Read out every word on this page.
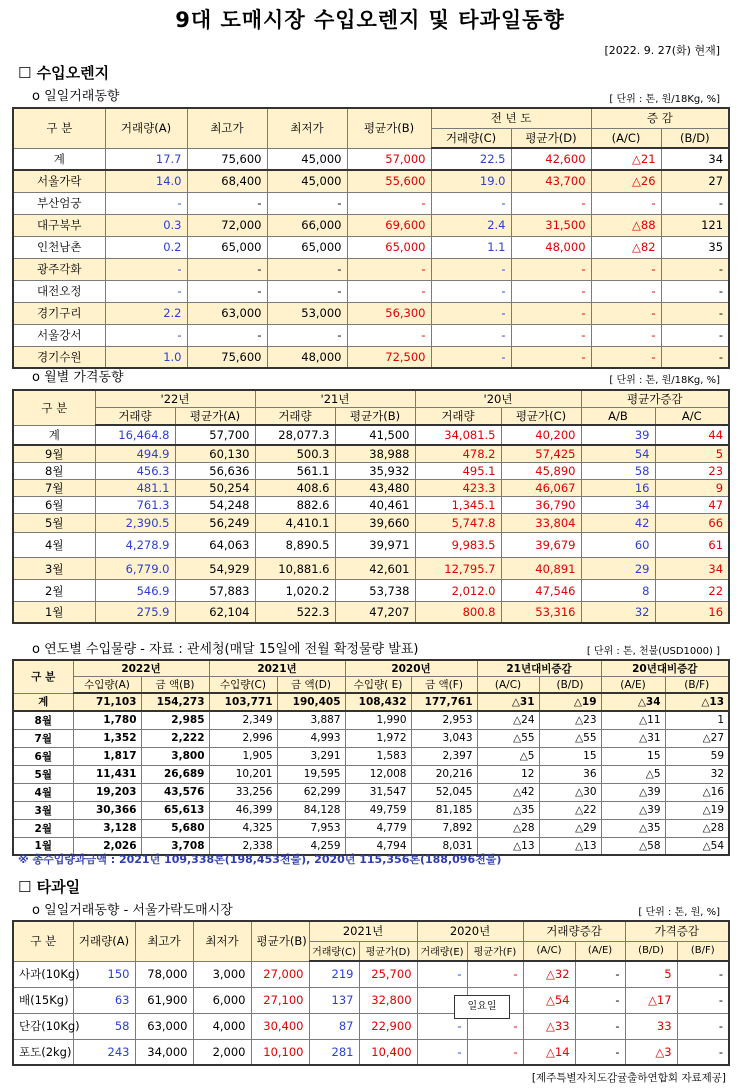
9대 도매시장 수입오렌지 및 타과일동향
[2022. 9. 27(화) 현재]
☐ 수입오렌지
o 일일거래동향	[ 단위 : 톤, 원/18Kg, %]
구 분	거래량(A)	최고가	최저가	평균가(B)	전 년 도		증 감	
					거래량(C)	평균가(D)	(A/C)	(B/D)
계	17.7	75,600	45,000	57,000	22.5	42,600	△21	34
서울가락	14.0	68,400	45,000	55,600	19.0	43,700	△26	27
부산엄궁	-	-	-	-	-	-	-	-
대구북부	0.3	72,000	66,000	69,600	2.4	31,500	△88	121
인천남촌	0.2	65,000	65,000	65,000	1.1	48,000	△82	35
광주각화	-	-	-	-	-	-	-	-
대전오정	-	-	-	-	-	-	-	-
경기구리	2.2	63,000	53,000	56,300	-	-	-	-
서울강서	-	-	-	-	-	-	-	-
경기수원	1.0	75,600	48,000	72,500	-	-	-	-
o 월별 가격동향	[ 단위 : 톤, 원/18Kg, %]
구 분	'22년		'21년		'20년		평균가증감	
	거래량	평균가(A)	거래량	평균가(B)	거래량	평균가(C)	A/B	A/C
계	16,464.8	57,700	28,077.3	41,500	34,081.5	40,200	39	44
9월	494.9	60,130	500.3	38,988	478.2	57,425	54	5
8월	456.3	56,636	561.1	35,932	495.1	45,890	58	23
7월	481.1	50,254	408.6	43,480	423.3	46,067	16	9
6월	761.3	54,248	882.6	40,461	1,345.1	36,790	34	47
5월	2,390.5	56,249	4,410.1	39,660	5,747.8	33,804	42	66
4월	4,278.9	64,063	8,890.5	39,971	9,983.5	39,679	60	61
3월	6,779.0	54,929	10,881.6	42,601	12,795.7	40,891	29	34
2월	546.9	57,883	1,020.2	53,738	2,012.0	47,546	8	22
1월	275.9	62,104	522.3	47,207	800.8	53,316	32	16
o 연도별 수입물량 - 자료 : 관세청(매달 15일에 전월 확정물량 발표)	[ 단위 : 톤, 천불(USD1000) ]
구 분	2022년		2021년		2020년		21년대비증감		20년대비증감	
	수입량(A)	금 액(B)	수입량(C)	금 액(D)	수입량( E)	금 액(F)	(A/C)	(B/D)	(A/E)	(B/F)
계	71,103	154,273	103,771	190,405	108,432	177,761	△31	△19	△34	△13
8월	1,780	2,985	2,349	3,887	1,990	2,953	△24	△23	△11	1
7월	1,352	2,222	2,996	4,993	1,972	3,043	△55	△55	△31	△27
6월	1,817	3,800	1,905	3,291	1,583	2,397	△5	15	15	59
5월	11,431	26,689	10,201	19,595	12,008	20,216	12	36	△5	32
4월	19,203	43,576	33,256	62,299	31,547	52,045	△42	△30	△39	△16
3월	30,366	65,613	46,399	84,128	49,759	81,185	△35	△22	△39	△19
2월	3,128	5,680	4,325	7,953	4,779	7,892	△28	△29	△35	△28
1월	2,026	3,708	2,338	4,259	4,794	8,031	△13	△13	△58	△54
※ 총수입량과금액 : 2021년 109,338톤(198,453천불), 2020년 115,356톤(188,096천불)
☐ 타과일
o 일일거래동향 - 서울가락도매시장	[ 단위 : 톤, 원, %]
구 분	거래량(A)	최고가	최저가	평균가(B)	2021년		2020년		거래량증감		가격증감	
					거래량(C)	평균가(D)	거래량(E)	평균가(F)	(A/C)	(A/E)	(B/D)	(B/F)
사과(10Kg)	150	78,000	3,000	27,000	219	25,700	-	-	△32	-	5	-
배(15Kg)	63	61,900	6,000	27,100	137	32,800			△54	-	△17	-
단감(10Kg)	58	63,000	4,000	30,400	87	22,900	-	-	△33	-	33	-
포도(2kg)	243	34,000	2,000	10,100	281	10,400	-	-	△14	-	△3	-
일요일
[제주특별자치도감귤출하연합회 자료제공]
